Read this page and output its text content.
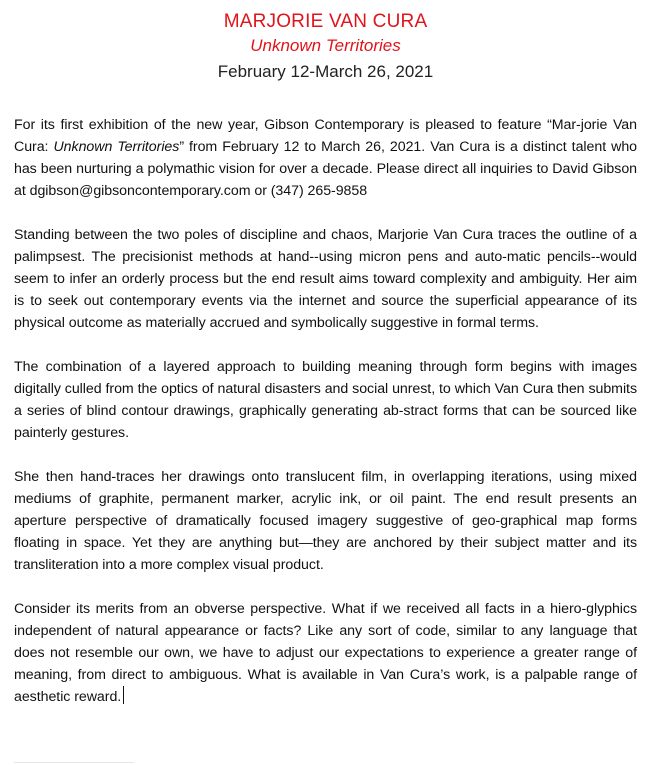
MARJORIE VAN CURA
Unknown Territories
February 12-March 26, 2021

For its first exhibition of the new year, Gibson Contemporary is pleased to feature “Mar-jorie Van Cura: Unknown Territories” from February 12 to March 26, 2021. Van Cura is a distinct talent who has been nurturing a polymathic vision for over a decade. Please direct all inquiries to David Gibson at dgibson@gibsoncontemporary.com or (347) 265-9858

Standing between the two poles of discipline and chaos, Marjorie Van Cura traces the outline of a palimpsest. The precisionist methods at hand--using micron pens and auto-matic pencils--would seem to infer an orderly process but the end result aims toward complexity and ambiguity. Her aim is to seek out contemporary events via the internet and source the superficial appearance of its physical outcome as materially accrued and symbolically suggestive in formal terms.

The combination of a layered approach to building meaning through form begins with images digitally culled from the optics of natural disasters and social unrest, to which Van Cura then submits a series of blind contour drawings, graphically generating ab-stract forms that can be sourced like painterly gestures.

She then hand-traces her drawings onto translucent film, in overlapping iterations, using mixed mediums of graphite, permanent marker, acrylic ink, or oil paint. The end result presents an aperture perspective of dramatically focused imagery suggestive of geo-graphical map forms floating in space. Yet they are anything but—they are anchored by their subject matter and its transliteration into a more complex visual product.

Consider its merits from an obverse perspective. What if we received all facts in a hiero-glyphics independent of natural appearance or facts? Like any sort of code, similar to any language that does not resemble our own, we have to adjust our expectations to experience a greater range of meaning, from direct to ambiguous. What is available in Van Cura’s work, is a palpable range of aesthetic reward.
